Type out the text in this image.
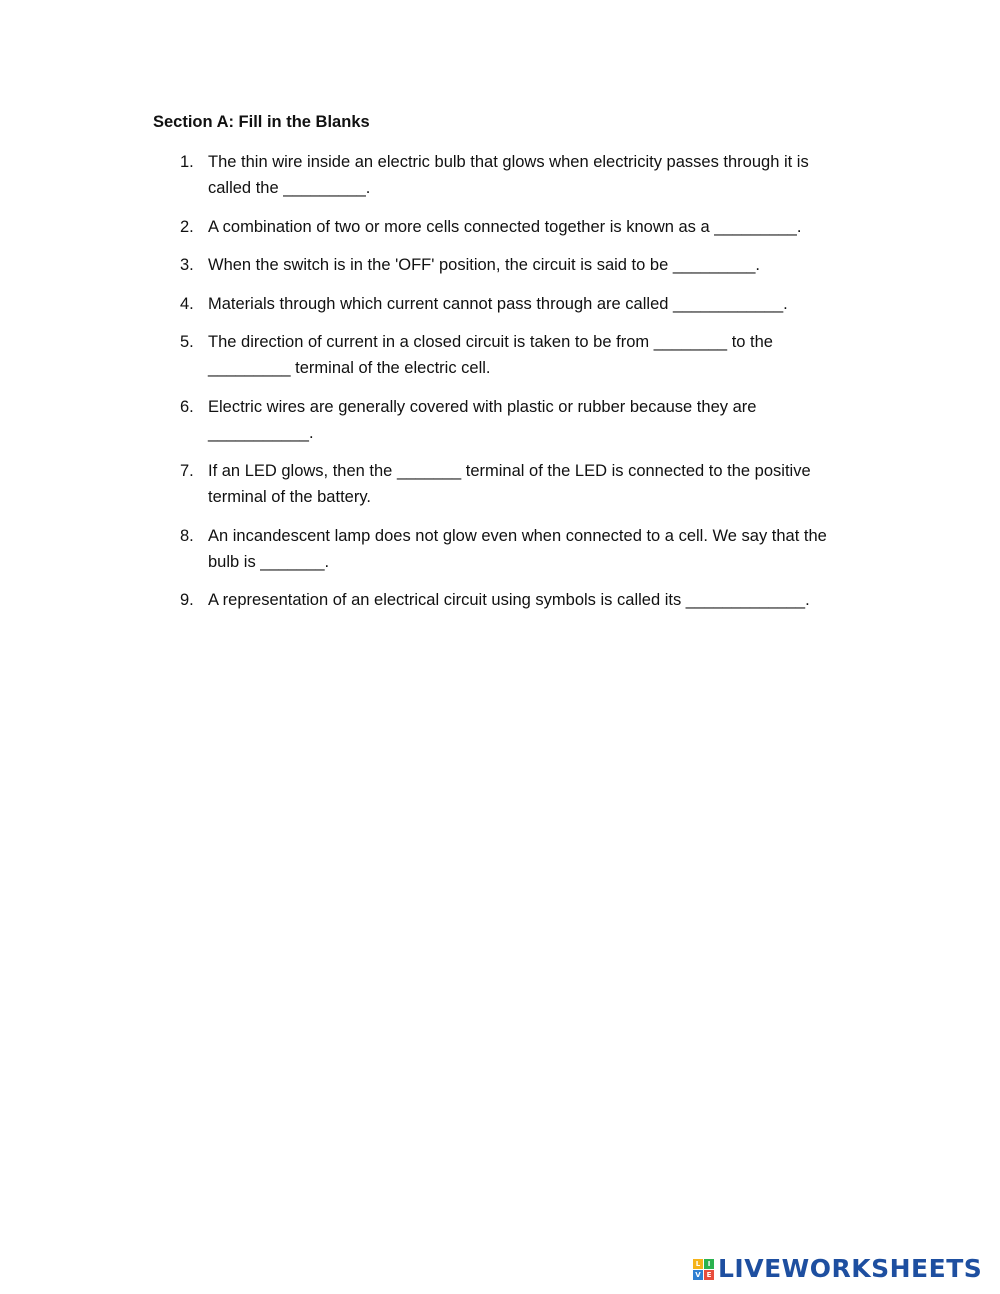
Section A: Fill in the Blanks
1. The thin wire inside an electric bulb that glows when electricity passes through it is called the _________.
2. A combination of two or more cells connected together is known as a _________.
3. When the switch is in the 'OFF' position, the circuit is said to be _________.
4. Materials through which current cannot pass through are called ____________.
5. The direction of current in a closed circuit is taken to be from ________ to the _________ terminal of the electric cell.
6. Electric wires are generally covered with plastic or rubber because they are ___________.
7. If an LED glows, then the _______ terminal of the LED is connected to the positive terminal of the battery.
8. An incandescent lamp does not glow even when connected to a cell. We say that the bulb is _______.
9. A representation of an electrical circuit using symbols is called its _____________.
L	I
V E LIVEWORKSHEETS
